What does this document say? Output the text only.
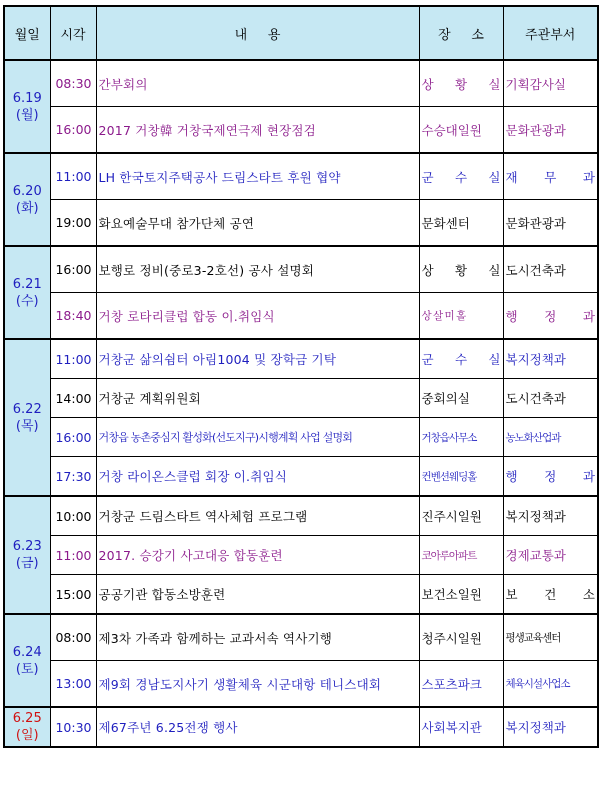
월일	시각	내     용	장     소	주관부서

6.19
(월)	08:30	간부회의	상 황 실	기획감사실
	16:00	2017 거창韓 거창국제연극제 현장점검	수승대일원	문화관광과

6.20
(화)	11:00	LH 한국토지주택공사 드림스타트 후원 협약	군 수 실	재 무 과
	19:00	화요예술무대 참가단체 공연	문화센터	문화관광과

6.21
(수)	16:00	보행로 정비(중로3-2호선) 공사 설명회	상 황 실	도시건축과
	18:40	거창 로타리클럽 합동 이.취임식	상 살 미 홀	행 정 과

6.22
(목)	11:00	거창군 삶의쉼터 아림1004 및 장학금 기탁	군 수 실	복지정책과
	14:00	거창군 계획위원회	중회의실	도시건축과
	16:00	거창읍 농촌중심지 활성화(선도지구)시행계획 사업 설명회	거창읍사무소	농노화산업과
	17:30	거창 라이온스클럽 회장 이.취임식	컨벤션웨딩홀	행 정 과

6.23
(금)	10:00	거창군 드림스타트 역사체험 프로그램	진주시일원	복지정책과
	11:00	2017. 승강기 사고대응 합동훈련	코아루아파트	경제교통과
	15:00	공공기관 합동소방훈련	보건소일원	보 건 소

6.24
(토)	08:00	제3차 가족과 함께하는 교과서속 역사기행	청주시일원	평생교육센터
	13:00	제9회 경남도지사기 생활체육 시군대항 테니스대회	스포츠파크	체육시설사업소

6.25
(일)	10:30	제67주년 6.25전쟁 행사	사회복지관	복지정책과
